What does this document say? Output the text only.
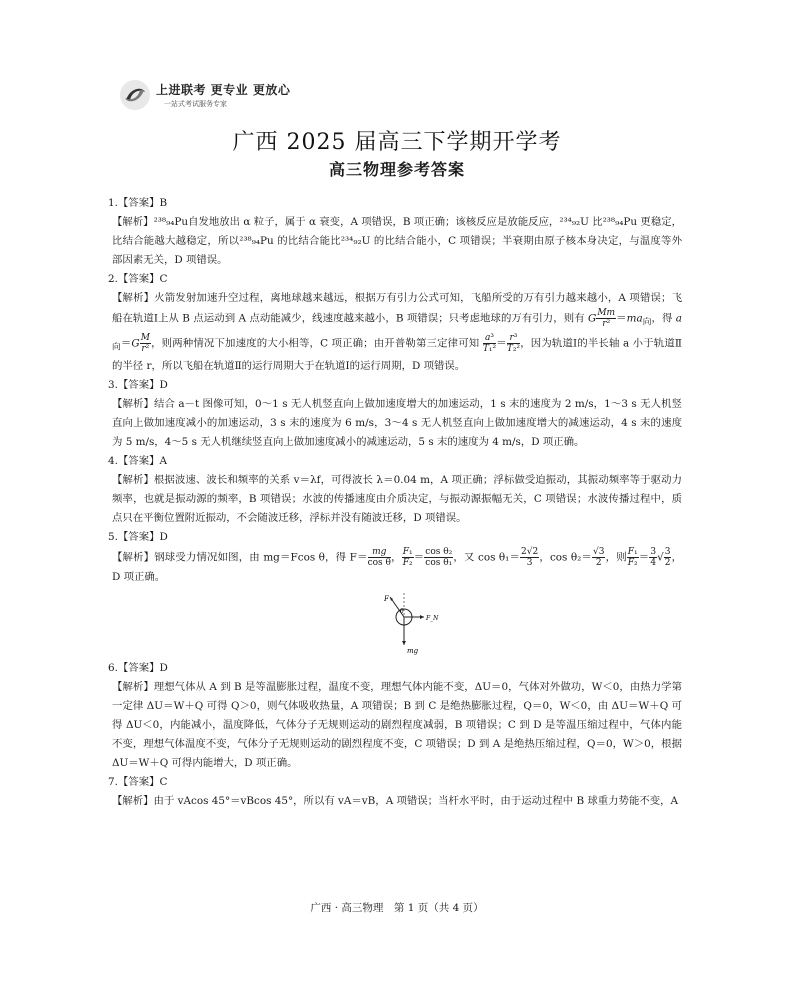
上进联考 更专业 更放心
一站式考试服务专家
广西 2025 届高三下学期开学考
高三物理参考答案
1.【答案】B
【解析】²³⁸₉₄Pu自发地放出 α 粒子，属于 α 衰变，A 项错误，B 项正确；该核反应是放能反应，²³⁴₉₂U 比²³⁸₉₄Pu 更稳定，比结合能越大越稳定，所以²³⁸₉₄Pu 的比结合能比²³⁴₉₂U 的比结合能小，C 项错误；半衰期由原子核本身决定，与温度等外部因素无关，D 项错误。
2.【答案】C
【解析】火箭发射加速升空过程，离地球越来越远，根据万有引力公式可知，飞船所受的万有引力越来越小，A 项错误；飞船在轨道Ⅰ上从 B 点运动到 A 点动能减少，线速度越来越小，B 项错误；只考虑地球的万有引力，则有 G $\frac{Mm}{\text{r²}} =ma_向$，得 $a_向=G \frac{M}{\text{r²}}$ ，则两种情况下加速度的大小相等，C 项正确；由开普勒第三定律可知 $\frac{\text{a³}}{\text{T₁²}} = \frac{\text{r³}}{\text{T₂²}}$ ，因为轨道Ⅰ的半长轴 a 小于轨道Ⅱ的半径 r，所以飞船在轨道Ⅱ的运行周期大于在轨道Ⅰ的运行周期，D 项错误。
3.【答案】D
【解析】结合 a－t 图像可知，0～1 s 无人机竖直向上做加速度增大的加速运动，1 s 末的速度为 2 m/s，1～3 s 无人机竖直向上做加速度减小的加速运动，3 s 末的速度为 6 m/s，3～4 s 无人机竖直向上做加速度增大的减速运动，4 s 末的速度为 5 m/s，4～5 s 无人机继续竖直向上做加速度减小的减速运动，5 s 末的速度为 4 m/s，D 项正确。
4.【答案】A
【解析】根据波速、波长和频率的关系 v＝λf，可得波长 λ＝0.04 m，A 项正确；浮标做受迫振动，其振动频率等于驱动力频率，也就是振动源的频率，B 项错误；水波的传播速度由介质决定，与振动源振幅无关，C 项错误；水波传播过程中，质点只在平衡位置附近振动，不会随波迁移，浮标并没有随波迁移，D 项错误。
5.【答案】D
【解析】钢球受力情况如图，由 mg＝Fcos θ，得 $F= \frac{mg}{\text{cos θ}}$ ， $\frac{\text{F₁}}{\text{F₂}} = \frac{\text{cos θ₂}}{\text{cos θ₁}}$ ，又 $\cos \theta_1= \frac{2√2}{3}$ ，$\cos \theta_2= \frac{√3}{2}$ ，则 $\frac{\text{F₁}}{\text{F₂}} = \frac{3}{4}$ √ $\frac{3}{2}$ ，D 项正确。
F
θ
F_N
mg
6.【答案】D
【解析】理想气体从 A 到 B 是等温膨胀过程，温度不变，理想气体内能不变，ΔU＝0，气体对外做功，W＜0，由热力学第一定律 ΔU＝W＋Q 可得 Q＞0，则气体吸收热量，A 项错误；B 到 C 是绝热膨胀过程，Q＝0，W＜0，由 ΔU＝W＋Q 可得 ΔU＜0，内能减小，温度降低，气体分子无规则运动的剧烈程度减弱，B 项错误；C 到 D 是等温压缩过程中，气体内能不变，理想气体温度不变，气体分子无规则运动的剧烈程度不变，C 项错误；D 到 A 是绝热压缩过程，Q＝0，W＞0，根据 ΔU＝W＋Q 可得内能增大，D 项正确。
7.【答案】C
【解析】由于 vAcos 45°＝vBcos 45°，所以有 vA＝vB，A 项错误；当杆水平时，由于运动过程中 B 球重力势能不变，A
广西 · 高三物理　第 1 页（共 4 页）
